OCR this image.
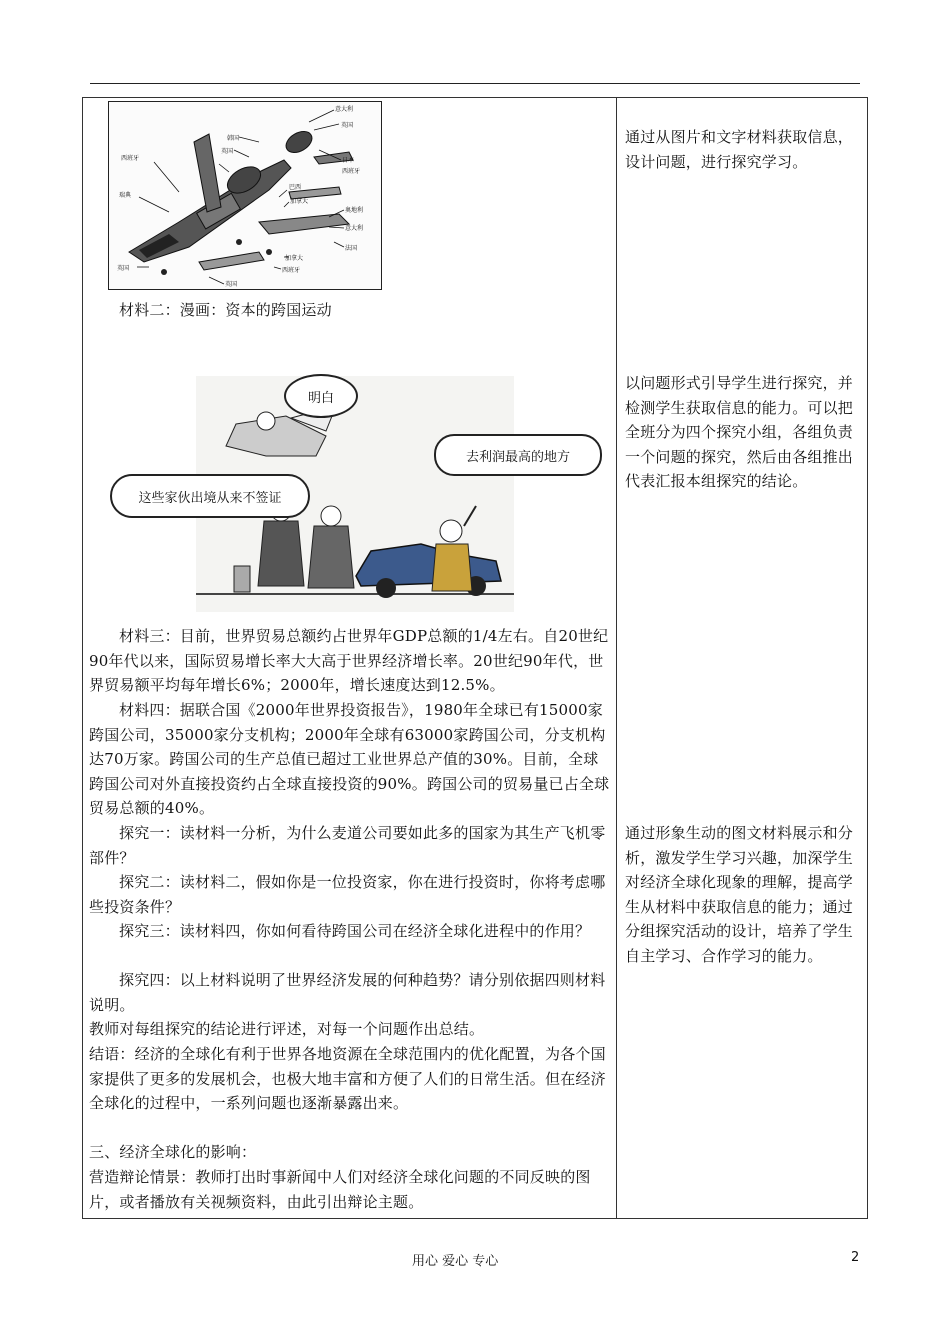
意大利
英国
韩国
英国
日本
西班牙
西班牙
瑞典
巴西
加拿大
奥地利
意大利
法国
加拿大
西班牙
英国
英国
材料二：漫画：资本的跨国运动
明白
去利润最高的地方
这些家伙出境从来不签证
材料三：目前，世界贸易总额约占世界年GDP总额的1/4左右。自20世纪90年代以来，国际贸易增长率大大高于世界经济增长率。20世纪90年代，世界贸易额平均每年增长6%；2000年，增长速度达到12.5%。
材料四：据联合国《2000年世界投资报告》，1980年全球已有15000家跨国公司，35000家分支机构；2000年全球有63000家跨国公司，分支机构达70万家。跨国公司的生产总值已超过工业世界总产值的30%。目前，全球跨国公司对外直接投资约占全球直接投资的90%。跨国公司的贸易量已占全球贸易总额的40%。
探究一：读材料一分析，为什么麦道公司要如此多的国家为其生产飞机零部件？
探究二：读材料二，假如你是一位投资家，你在进行投资时，你将考虑哪些投资条件？
探究三：读材料四，你如何看待跨国公司在经济全球化进程中的作用？
探究四：以上材料说明了世界经济发展的何种趋势？请分别依据四则材料说明。
教师对每组探究的结论进行评述，对每一个问题作出总结。
结语：经济的全球化有利于世界各地资源在全球范围内的优化配置，为各个国家提供了更多的发展机会，也极大地丰富和方便了人们的日常生活。但在经济全球化的过程中，一系列问题也逐渐暴露出来。
三、经济全球化的影响：
营造辩论情景：教师打出时事新闻中人们对经济全球化问题的不同反映的图片，或者播放有关视频资料，由此引出辩论主题。

通过从图片和文字材料获取信息，设计问题，进行探究学习。
以问题形式引导学生进行探究，并检测学生获取信息的能力。可以把全班分为四个探究小组，各组负责一个问题的探究，然后由各组推出代表汇报本组探究的结论。
通过形象生动的图文材料展示和分析，激发学生学习兴趣，加深学生对经济全球化现象的理解，提高学生从材料中获取信息的能力；通过分组探究活动的设计，培养了学生自主学习、合作学习的能力。
用心 爱心 专心	2
